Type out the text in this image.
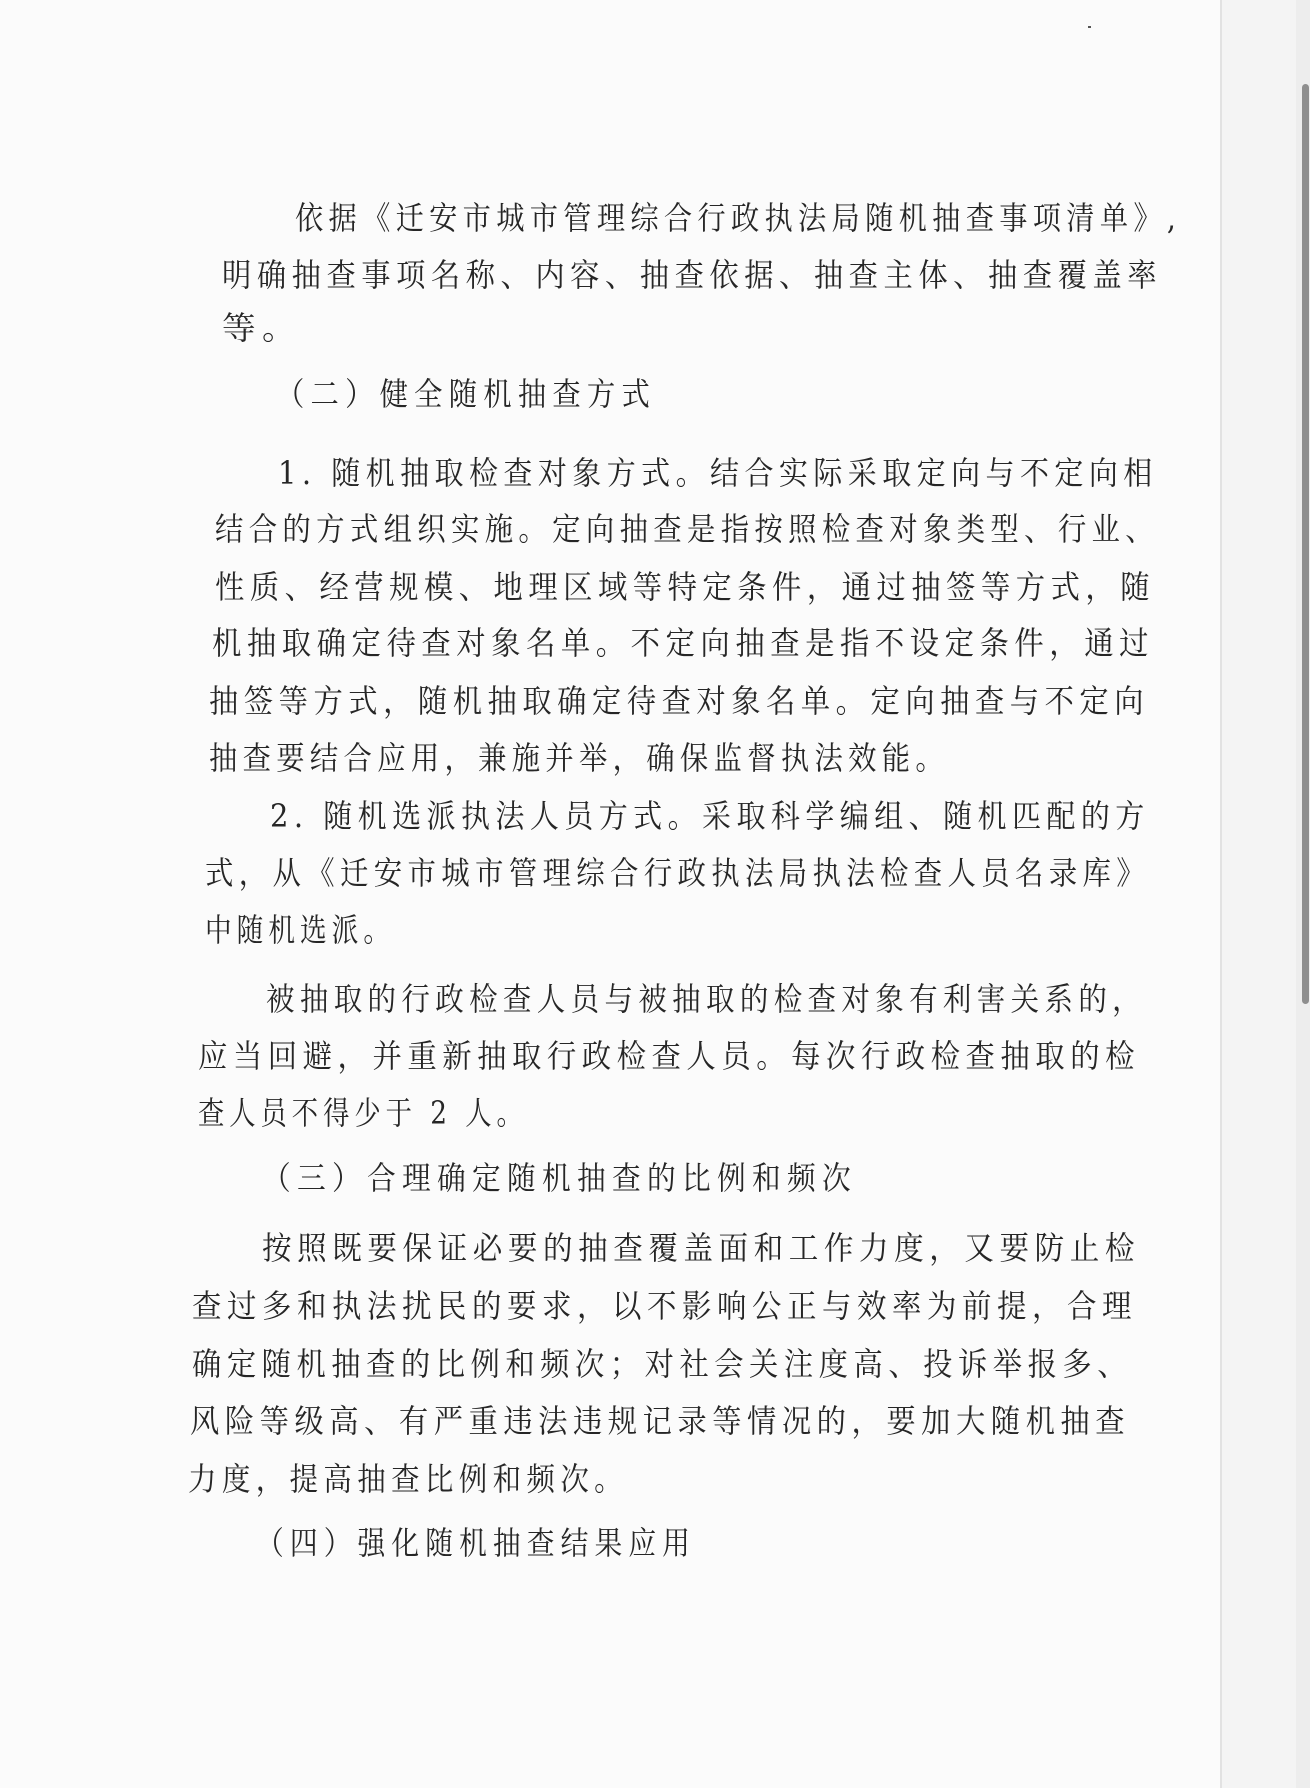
依据《迁安市城市管理综合行政执法局随机抽查事项清单》,
明确抽查事项名称、内容、抽查依据、抽查主体、抽查覆盖率
等。
（二）健全随机抽查方式
1. 随机抽取检查对象方式。结合实际采取定向与不定向相
结合的方式组织实施。定向抽查是指按照检查对象类型、行业、
性质、经营规模、地理区域等特定条件，通过抽签等方式，随
机抽取确定待查对象名单。不定向抽查是指不设定条件，通过
抽签等方式，随机抽取确定待查对象名单。定向抽查与不定向
抽查要结合应用，兼施并举，确保监督执法效能。
2. 随机选派执法人员方式。采取科学编组、随机匹配的方
式，从《迁安市城市管理综合行政执法局执法检查人员名录库》
中随机选派。
被抽取的行政检查人员与被抽取的检查对象有利害关系的，
应当回避，并重新抽取行政检查人员。每次行政检查抽取的检
查人员不得少于 2 人。
（三）合理确定随机抽查的比例和频次
按照既要保证必要的抽查覆盖面和工作力度，又要防止检
查过多和执法扰民的要求，以不影响公正与效率为前提，合理
确定随机抽查的比例和频次；对社会关注度高、投诉举报多、
风险等级高、有严重违法违规记录等情况的，要加大随机抽查
力度，提高抽查比例和频次。
（四）强化随机抽查结果应用
